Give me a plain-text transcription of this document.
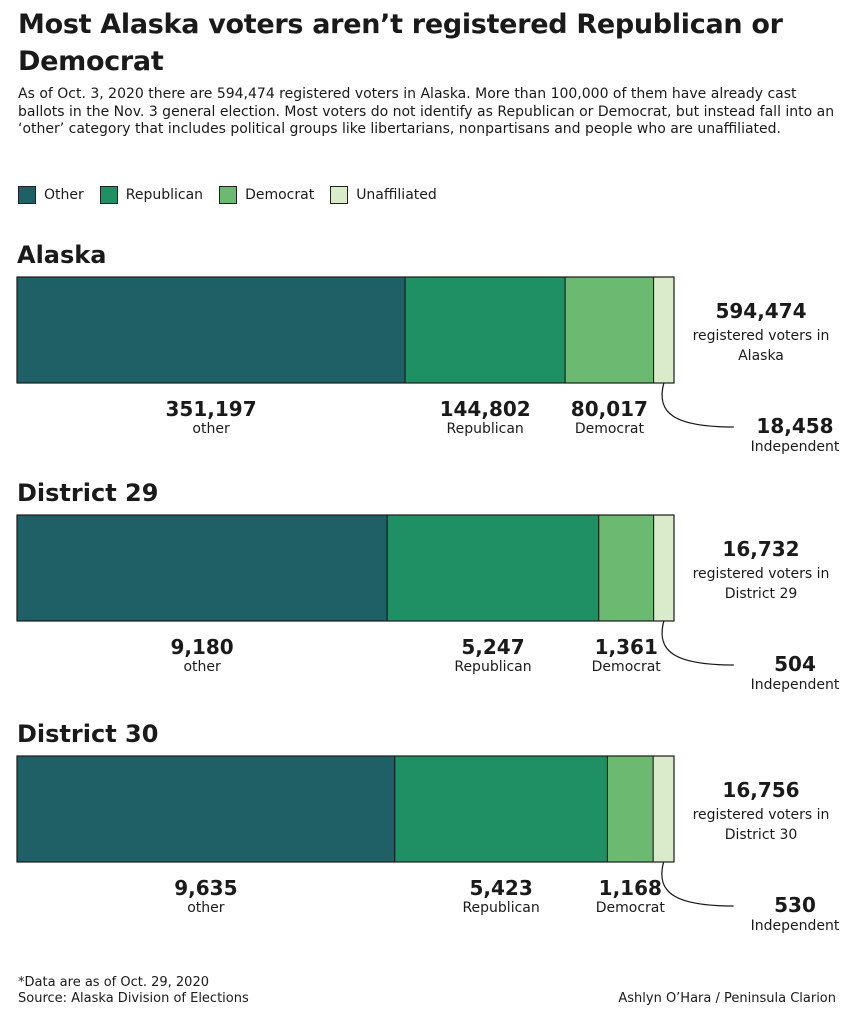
Most Alaska voters aren’t registered Republican or Democrat

As of Oct. 3, 2020 there are 594,474 registered voters in Alaska. More than 100,000 of them have already cast ballots in the Nov. 3 general election. Most voters do not identify as Republican or Democrat, but instead fall into an ‘other’ category that includes political groups like libertarians, nonpartisans and people who are unaffiliated.

Other	Republican	Democrat	Unaffiliated
Alaska
351,197
other
144,802
Republican
80,017
Democrat	18,458
Independent
594,474
registered voters in
Alaska
District 29
9,180
other
5,247
Republican
1,361
Democrat	504
Independent
16,732
registered voters in
District 29
District 30
9,635
other
5,423
Republican
1,168
Democrat	530
Independent
16,756
registered voters in
District 30
*Data are as of Oct. 29, 2020
Source: Alaska Division of Elections	Ashlyn O’Hara / Peninsula Clarion
